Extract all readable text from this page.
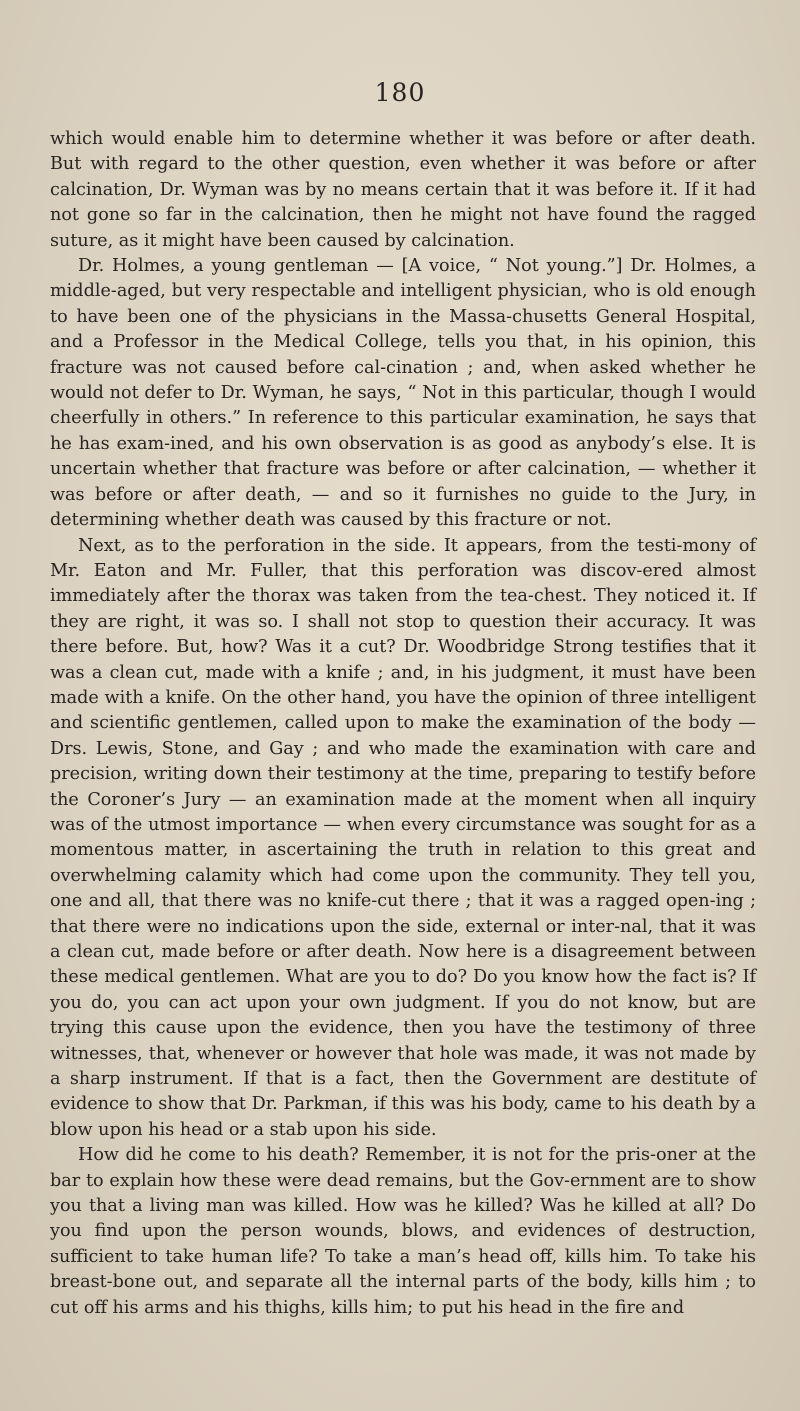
180

which would enable him to determine whether it was before or after death. But with regard to the other question, even whether it was before or after calcination, Dr. Wyman was by no means certain that it was before it. If it had not gone so far in the calcination, then he might not have found the ragged suture, as it might have been caused by calcination.

Dr. Holmes, a young gentleman — [A voice, “ Not young.”] Dr. Holmes, a middle-aged, but very respectable and intelligent physician, who is old enough to have been one of the physicians in the Massa-chusetts General Hospital, and a Professor in the Medical College, tells you that, in his opinion, this fracture was not caused before cal-cination ; and, when asked whether he would not defer to Dr. Wyman, he says, “ Not in this particular, though I would cheerfully in others.” In reference to this particular examination, he says that he has exam-ined, and his own observation is as good as anybody’s else. It is uncertain whether that fracture was before or after calcination, — whether it was before or after death, — and so it furnishes no guide to the Jury, in determining whether death was caused by this fracture or not.

Next, as to the perforation in the side. It appears, from the testi-mony of Mr. Eaton and Mr. Fuller, that this perforation was discov-ered almost immediately after the thorax was taken from the tea-chest. They noticed it. If they are right, it was so. I shall not stop to question their accuracy. It was there before. But, how? Was it a cut? Dr. Woodbridge Strong testifies that it was a clean cut, made with a knife ; and, in his judgment, it must have been made with a knife. On the other hand, you have the opinion of three intelligent and scientific gentlemen, called upon to make the examination of the body — Drs. Lewis, Stone, and Gay ; and who made the examination with care and precision, writing down their testimony at the time, preparing to testify before the Coroner’s Jury — an examination made at the moment when all inquiry was of the utmost importance — when every circumstance was sought for as a momentous matter, in ascertaining the truth in relation to this great and overwhelming calamity which had come upon the community. They tell you, one and all, that there was no knife-cut there ; that it was a ragged open-ing ; that there were no indications upon the side, external or inter-nal, that it was a clean cut, made before or after death. Now here is a disagreement between these medical gentlemen. What are you to do? Do you know how the fact is? If you do, you can act upon your own judgment. If you do not know, but are trying this cause upon the evidence, then you have the testimony of three witnesses, that, whenever or however that hole was made, it was not made by a sharp instrument. If that is a fact, then the Government are destitute of evidence to show that Dr. Parkman, if this was his body, came to his death by a blow upon his head or a stab upon his side.

How did he come to his death? Remember, it is not for the pris-oner at the bar to explain how these were dead remains, but the Gov-ernment are to show you that a living man was killed. How was he killed? Was he killed at all? Do you find upon the person wounds, blows, and evidences of destruction, sufficient to take human life? To take a man’s head off, kills him. To take his breast-bone out, and separate all the internal parts of the body, kills him ; to cut off his arms and his thighs, kills him; to put his head in the fire and
